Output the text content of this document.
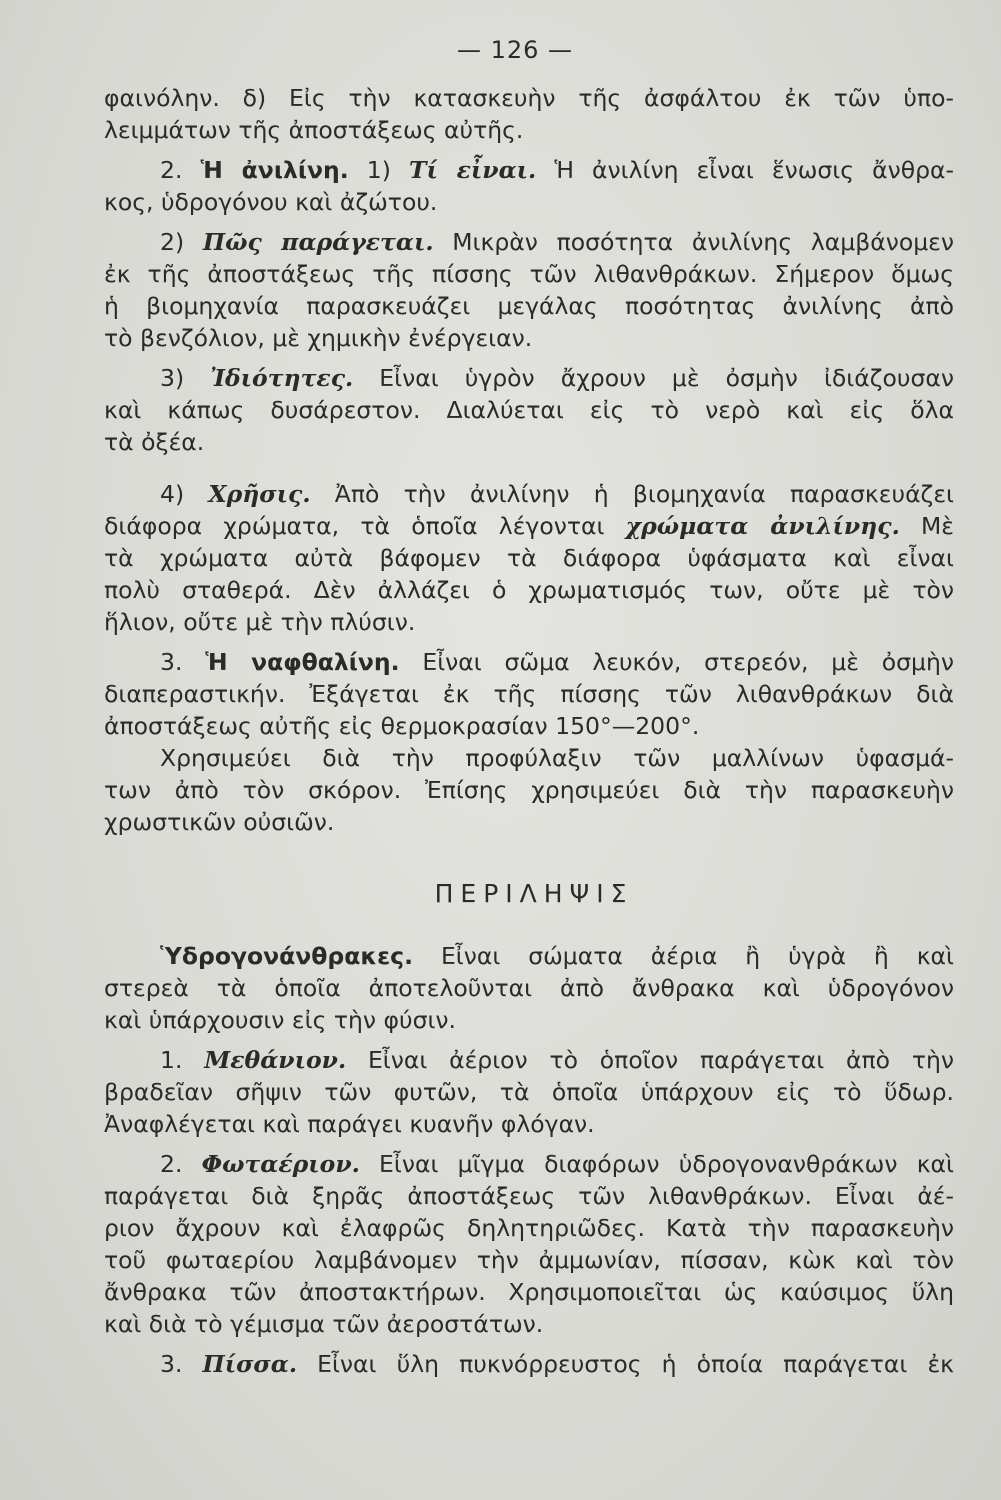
— 126 —
φαινόλην. δ) Εἰς τὴν κατασκευὴν τῆς ἀσφάλτου ἐκ τῶν ὑπο-
λειμμάτων τῆς ἀποστάξεως αὐτῆς.
2. Ἡ ἀνιλίνη. 1) Τί εἶναι. Ἡ ἀνιλίνη εἶναι ἕνωσις ἄνθρα-
κος, ὑδρογόνου καὶ ἀζώτου.
2) Πῶς παράγεται. Μικρὰν ποσότητα ἀνιλίνης λαμβάνομεν
ἐκ τῆς ἀποστάξεως τῆς πίσσης τῶν λιθανθράκων. Σήμερον ὅμως
ἡ βιομηχανία παρασκευάζει μεγάλας ποσότητας ἀνιλίνης ἀπὸ
τὸ βενζόλιον, μὲ χημικὴν ἐνέργειαν.
3) Ἰδιότητες. Εἶναι ὑγρὸν ἄχρουν μὲ ὀσμὴν ἰδιάζουσαν
καὶ κάπως δυσάρεστον. Διαλύεται εἰς τὸ νερὸ καὶ εἰς ὅλα
τὰ ὀξέα.
4) Χρῆσις. Ἀπὸ τὴν ἀνιλίνην ἡ βιομηχανία παρασκευάζει
διάφορα χρώματα, τὰ ὁποῖα λέγονται χρώματα ἀνιλίνης. Μὲ
τὰ χρώματα αὐτὰ βάφομεν τὰ διάφορα ὑφάσματα καὶ εἶναι
πολὺ σταθερά. Δὲν ἀλλάζει ὁ χρωματισμός των, οὔτε μὲ τὸν
ἥλιον, οὔτε μὲ τὴν πλύσιν.
3. Ἡ ναφθαλίνη. Εἶναι σῶμα λευκόν, στερεόν, μὲ ὀσμὴν
διαπεραστικήν. Ἐξάγεται ἐκ τῆς πίσσης τῶν λιθανθράκων διὰ
ἀποστάξεως αὐτῆς εἰς θερμοκρασίαν 150°—200°.
Χρησιμεύει διὰ τὴν προφύλαξιν τῶν μαλλίνων ὑφασμά-
των ἀπὸ τὸν σκόρον. Ἐπίσης χρησιμεύει διὰ τὴν παρασκευὴν
χρωστικῶν οὐσιῶν.
ΠΕΡΙΛΗΨΙΣ
Ὑδρογονάνθρακες. Εἶναι σώματα ἀέρια ἢ ὑγρὰ ἢ καὶ
στερεὰ τὰ ὁποῖα ἀποτελοῦνται ἀπὸ ἄνθρακα καὶ ὑδρογόνον
καὶ ὑπάρχουσιν εἰς τὴν φύσιν.
1. Μεθάνιον. Εἶναι ἀέριον τὸ ὁποῖον παράγεται ἀπὸ τὴν
βραδεῖαν σῆψιν τῶν φυτῶν, τὰ ὁποῖα ὑπάρχουν εἰς τὸ ὕδωρ.
Ἀναφλέγεται καὶ παράγει κυανῆν φλόγαν.
2. Φωταέριον. Εἶναι μῖγμα διαφόρων ὑδρογονανθράκων καὶ
παράγεται διὰ ξηρᾶς ἀποστάξεως τῶν λιθανθράκων. Εἶναι ἀέ-
ριον ἄχρουν καὶ ἐλαφρῶς δηλητηριῶδες. Κατὰ τὴν παρασκευὴν
τοῦ φωταερίου λαμβάνομεν τὴν ἀμμωνίαν, πίσσαν, κὼκ καὶ τὸν
ἄνθρακα τῶν ἀποστακτήρων. Χρησιμοποιεῖται ὡς καύσιμος ὕλη
καὶ διὰ τὸ γέμισμα τῶν ἀεροστάτων.
3. Πίσσα. Εἶναι ὕλη πυκνόρρευστος ἡ ὁποία παράγεται ἐκ
